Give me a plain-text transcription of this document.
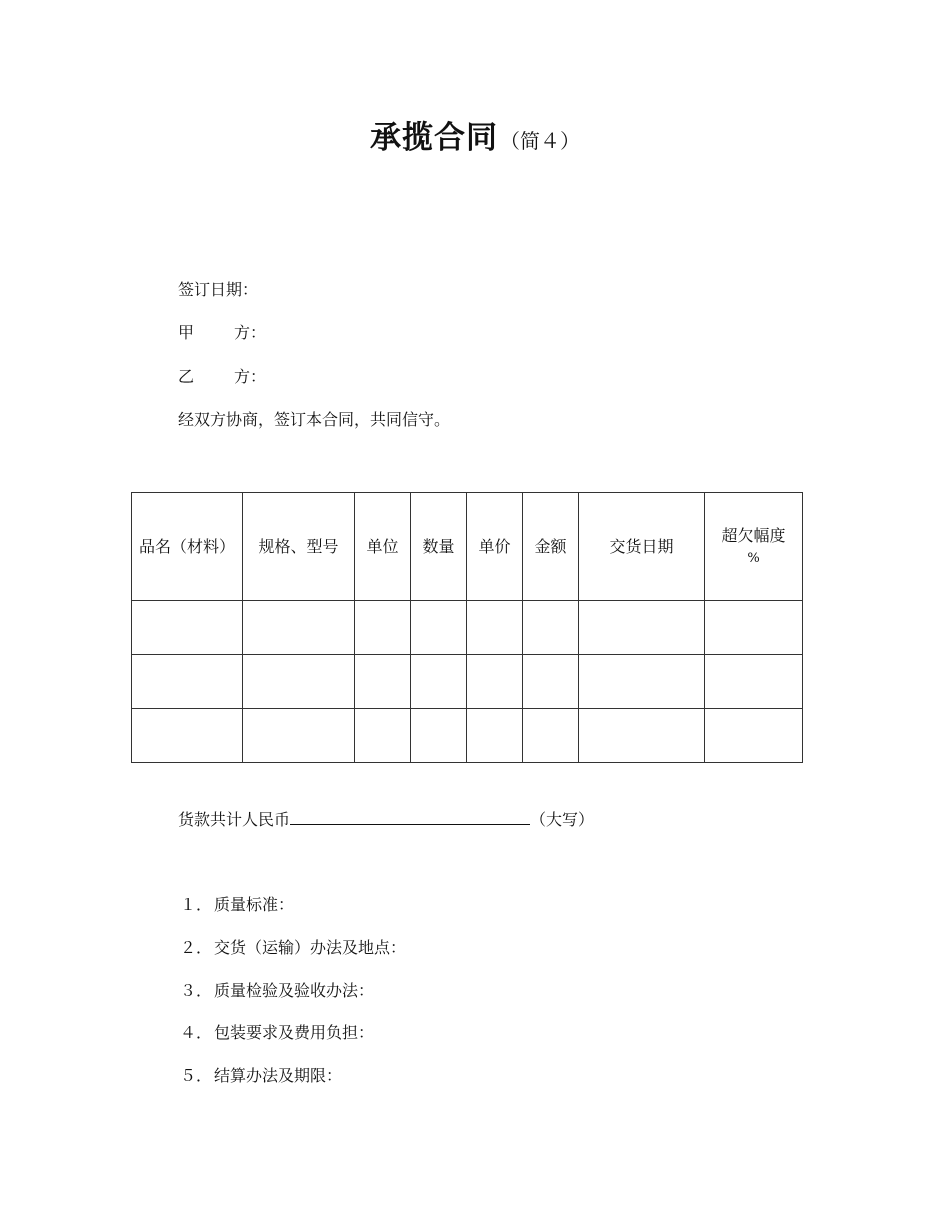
承揽合同 （简４）
签订日期：
甲 方：
乙 方：
经双方协商，签订本合同，共同信守。
品名（材料）	规格、型号	单位	数量	单价	金额	交货日期	超欠幅度
%

货款共计人民币	（大写）
１． 质量标准：
２． 交货（运输）办法及地点：
３． 质量检验及验收办法：
４． 包装要求及费用负担：
５． 结算办法及期限：
